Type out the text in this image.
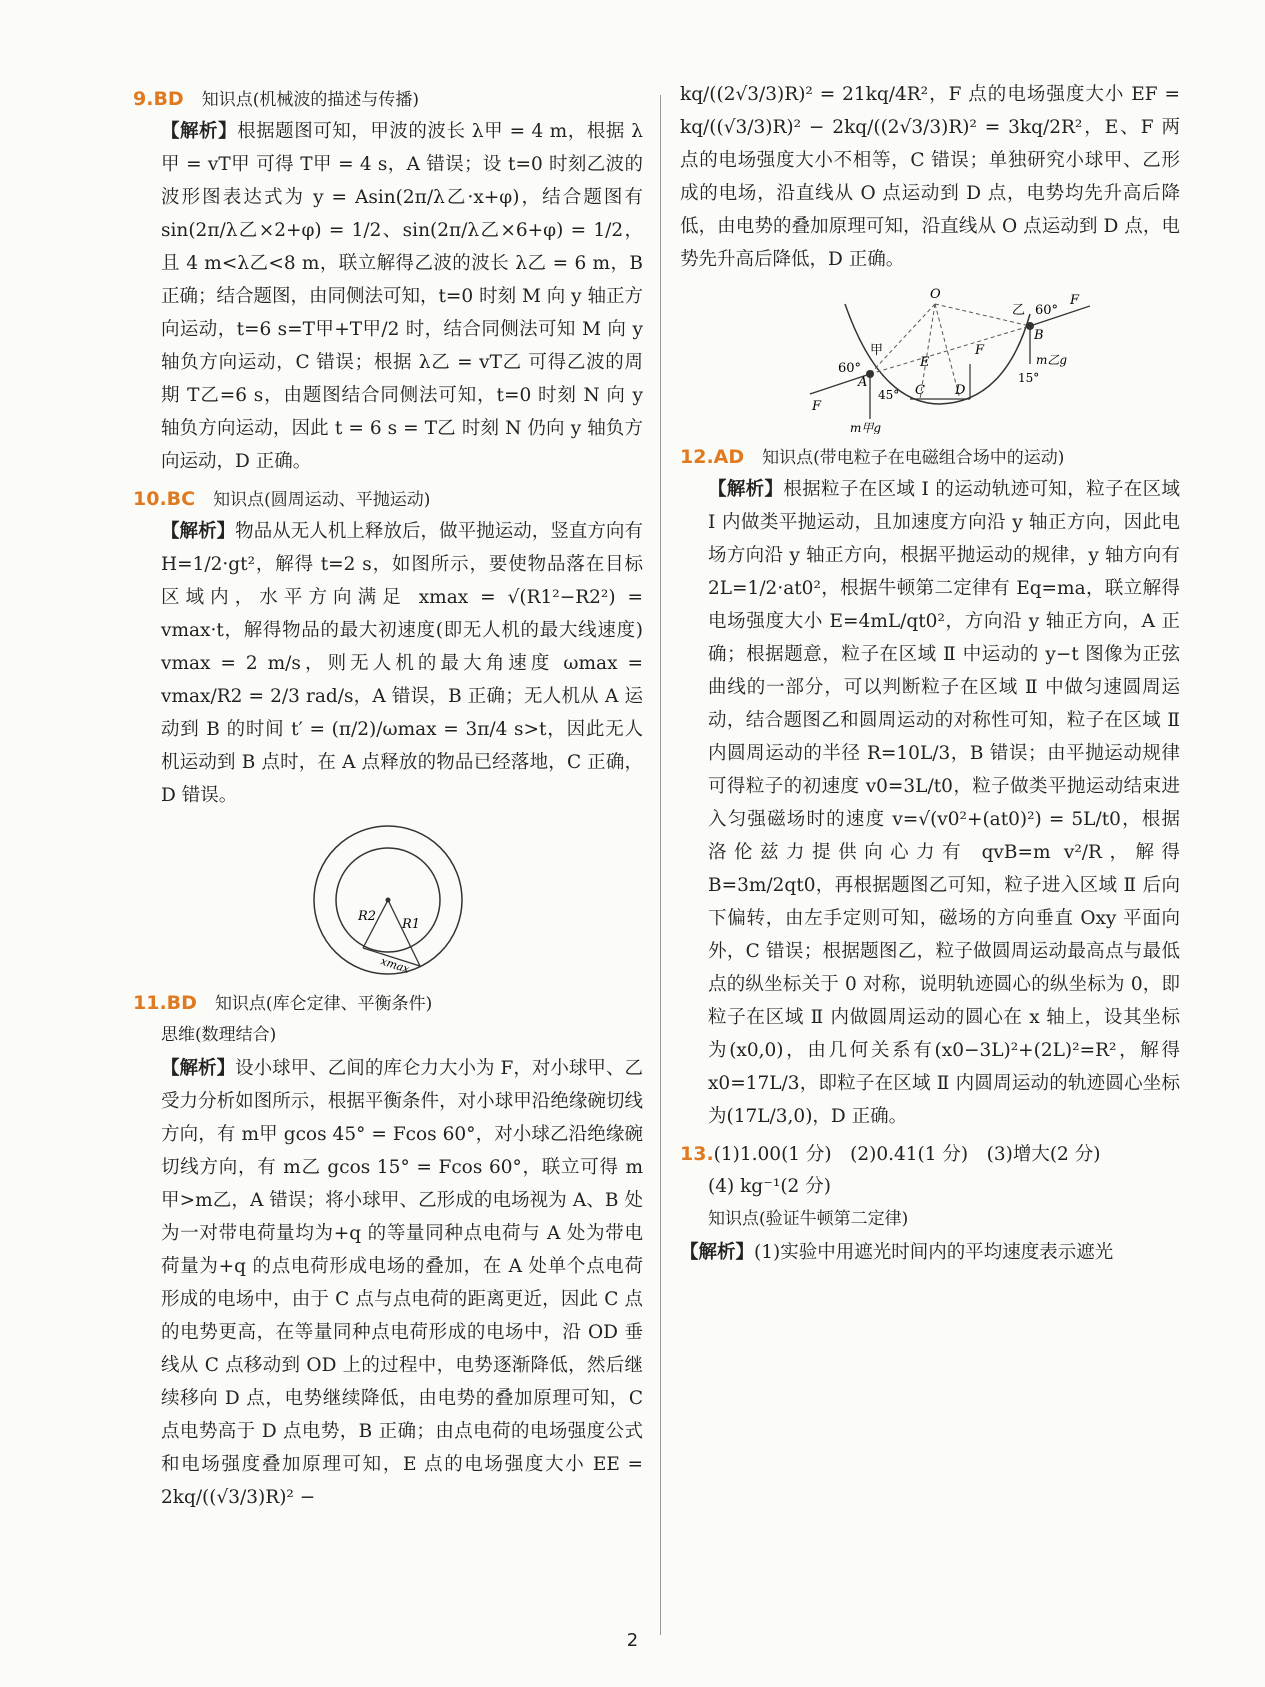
9.BD 知识点(机械波的描述与传播)

【解析】根据题图可知，甲波的波长 λ甲 = 4 m，根据 λ甲 = vT甲 可得 T甲 = 4 s，A 错误；设 t=0 时刻乙波的波形图表达式为 y = Asin(2π/λ乙·x+φ)，结合题图有 sin(2π/λ乙×2+φ) = 1/2、sin(2π/λ乙×6+φ) = 1/2，且 4 m<λ乙<8 m，联立解得乙波的波长 λ乙 = 6 m，B 正确；结合题图，由同侧法可知，t=0 时刻 M 向 y 轴正方向运动，t=6 s=T甲+T甲/2 时，结合同侧法可知 M 向 y 轴负方向运动，C 错误；根据 λ乙 = vT乙 可得乙波的周期 T乙=6 s，由题图结合同侧法可知，t=0 时刻 N 向 y 轴负方向运动，因此 t = 6 s = T乙 时刻 N 仍向 y 轴负方向运动，D 正确。

10.BC 知识点(圆周运动、平抛运动)

【解析】物品从无人机上释放后，做平抛运动，竖直方向有 H=1/2·gt²，解得 t=2 s，如图所示，要使物品落在目标区域内，水平方向满足 xmax = √(R1²−R2²) = vmax·t，解得物品的最大初速度(即无人机的最大线速度) vmax = 2 m/s，则无人机的最大角速度 ωmax = vmax/R2 = 2/3 rad/s，A 错误，B 正确；无人机从 A 运动到 B 的时间 t′ = (π/2)/ωmax = 3π/4 s>t，因此无人机运动到 B 点时，在 A 点释放的物品已经落地，C 正确，D 错误。

R2
R1
xmax
11.BD 知识点(库仑定律、平衡条件)

思维(数理结合)

【解析】设小球甲、乙间的库仑力大小为 F，对小球甲、乙受力分析如图所示，根据平衡条件，对小球甲沿绝缘碗切线方向，有 m甲 gcos 45° = Fcos 60°，对小球乙沿绝缘碗切线方向，有 m乙 gcos 15° = Fcos 60°，联立可得 m甲>m乙，A 错误；将小球甲、乙形成的电场视为 A、B 处为一对带电荷量均为+q 的等量同种点电荷与 A 处为带电荷量为+q 的点电荷形成电场的叠加，在 A 处单个点电荷形成的电场中，由于 C 点与点电荷的距离更近，因此 C 点的电势更高，在等量同种点电荷形成的电场中，沿 OD 垂线从 C 点移动到 OD 上的过程中，电势逐渐降低，然后继续移向 D 点，电势继续降低，由电势的叠加原理可知，C 点电势高于 D 点电势，B 正确；由点电荷的电场强度公式和电场强度叠加原理可知，E 点的电场强度大小 EE = 2kq/((√3/3)R)² −

kq/((2√3/3)R)² = 21kq/4R²，F 点的电场强度大小 EF = kq/((√3/3)R)² − 2kq/((2√3/3)R)² = 3kq/2R²，E、F 两点的电场强度大小不相等，C 错误；单独研究小球甲、乙形成的电场，沿直线从 O 点运动到 D 点，电势均先升高后降低，由电势的叠加原理可知，沿直线从 O 点运动到 D 点，电势先升高后降低，D 正确。

O
乙 60°
F
B
甲
60°	E
F
A
m乙g
15°
F
45° C D
m甲g
12.AD 知识点(带电粒子在电磁组合场中的运动)

【解析】根据粒子在区域 Ⅰ 的运动轨迹可知，粒子在区域 Ⅰ 内做类平抛运动，且加速度方向沿 y 轴正方向，因此电场方向沿 y 轴正方向，根据平抛运动的规律，y 轴方向有 2L=1/2·at0²，根据牛顿第二定律有 Eq=ma，联立解得电场强度大小 E=4mL/qt0²，方向沿 y 轴正方向，A 正确；根据题意，粒子在区域 Ⅱ 中运动的 y−t 图像为正弦曲线的一部分，可以判断粒子在区域 Ⅱ 中做匀速圆周运动，结合题图乙和圆周运动的对称性可知，粒子在区域 Ⅱ 内圆周运动的半径 R=10L/3，B 错误；由平抛运动规律可得粒子的初速度 v0=3L/t0，粒子做类平抛运动结束进入匀强磁场时的速度 v=√(v0²+(at0)²) = 5L/t0，根据洛伦兹力提供向心力有 qvB=m v²/R，解得 B=3m/2qt0，再根据题图乙可知，粒子进入区域 Ⅱ 后向下偏转，由左手定则可知，磁场的方向垂直 Oxy 平面向外，C 错误；根据题图乙，粒子做圆周运动最高点与最低点的纵坐标关于 0 对称，说明轨迹圆心的纵坐标为 0，即粒子在区域 Ⅱ 内做圆周运动的圆心在 x 轴上，设其坐标为(x0,0)，由几何关系有(x0−3L)²+(2L)²=R²，解得 x0=17L/3，即粒子在区域 Ⅱ 内圆周运动的轨迹圆心坐标为(17L/3,0)，D 正确。

13.(1)1.00(1 分)　(2)0.41(1 分)　(3)增大(2 分)

(4) kg⁻¹(2 分)

知识点(验证牛顿第二定律)

【解析】(1)实验中用遮光时间内的平均速度表示遮光

2
